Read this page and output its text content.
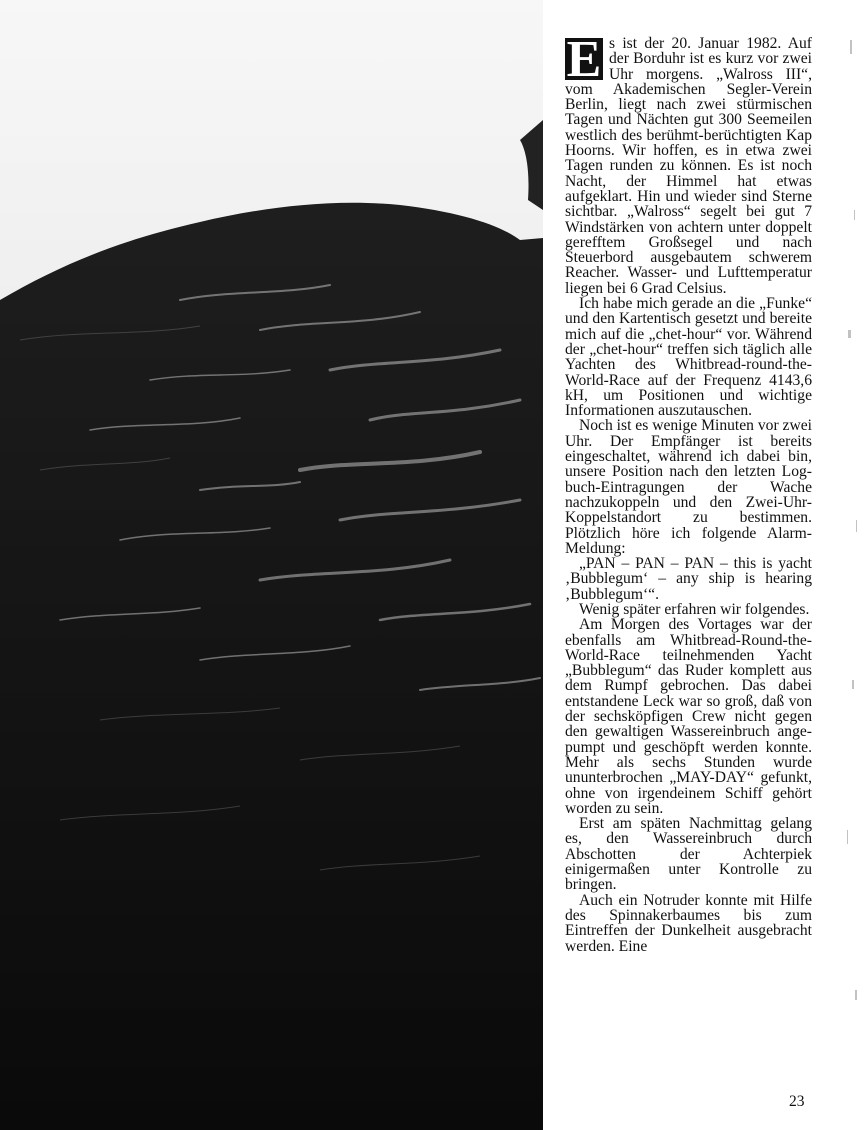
E s ist der 20. Januar 1982. Auf der Borduhr ist es kurz vor zwei Uhr morgens. „Walross III“, vom Akademischen Segler-Verein Berlin, liegt nach zwei stürmischen Tagen und Nächten gut 300 Seemeilen westlich des berühmt-berüchtigten Kap Hoorns. Wir hoffen, es in etwa zwei Tagen runden zu können. Es ist noch Nacht, der Himmel hat etwas aufgeklart. Hin und wieder sind Sterne sichtbar. „Walross“ segelt bei gut 7 Windstärken von achtern unter doppelt gerefftem Großsegel und nach Steuerbord ausgebautem schwerem Reacher. Wasser- und Lufttemperatur liegen bei 6 Grad Celsius.

Ich habe mich gerade an die „Funke“ und den Kartentisch gesetzt und bereite mich auf die „chet-hour“ vor. Während der „chet-hour“ treffen sich täglich alle Yachten des Whitbread-round-the-World-Race auf der Frequenz 4143,6 kH, um Positionen und wichtige Informationen auszutauschen.

Noch ist es wenige Minuten vor zwei Uhr. Der Empfänger ist bereits eingeschaltet, während ich dabei bin, unsere Position nach den letzten Logbuch-Eintragungen der Wache nachzukoppeln und den Zwei-Uhr-Koppelstandort zu bestimmen. Plötzlich höre ich folgende Alarm-Meldung:

„PAN – PAN – PAN – this is yacht ‚Bubblegum‘ – any ship is hearing ‚Bubblegum‘“.

Wenig später erfahren wir folgendes.

Am Morgen des Vortages war der ebenfalls am Whitbread-Round-the-World-Race teilnehmenden Yacht „Bubblegum“ das Ruder komplett aus dem Rumpf gebrochen. Das dabei entstandene Leck war so groß, daß von der sechsköpfigen Crew nicht gegen den gewaltigen Wassereinbruch angepumpt und geschöpft werden konnte. Mehr als sechs Stunden wurde ununterbrochen „MAY-DAY“ gefunkt, ohne von irgendeinem Schiff gehört worden zu sein.

Erst am späten Nachmittag gelang es, den Wassereinbruch durch Abschotten der Achterpiek einigermaßen unter Kontrolle zu bringen.

Auch ein Notruder konnte mit Hilfe des Spinnakerbaumes bis zum Eintreffen der Dunkelheit ausgebracht werden. Eine

23
